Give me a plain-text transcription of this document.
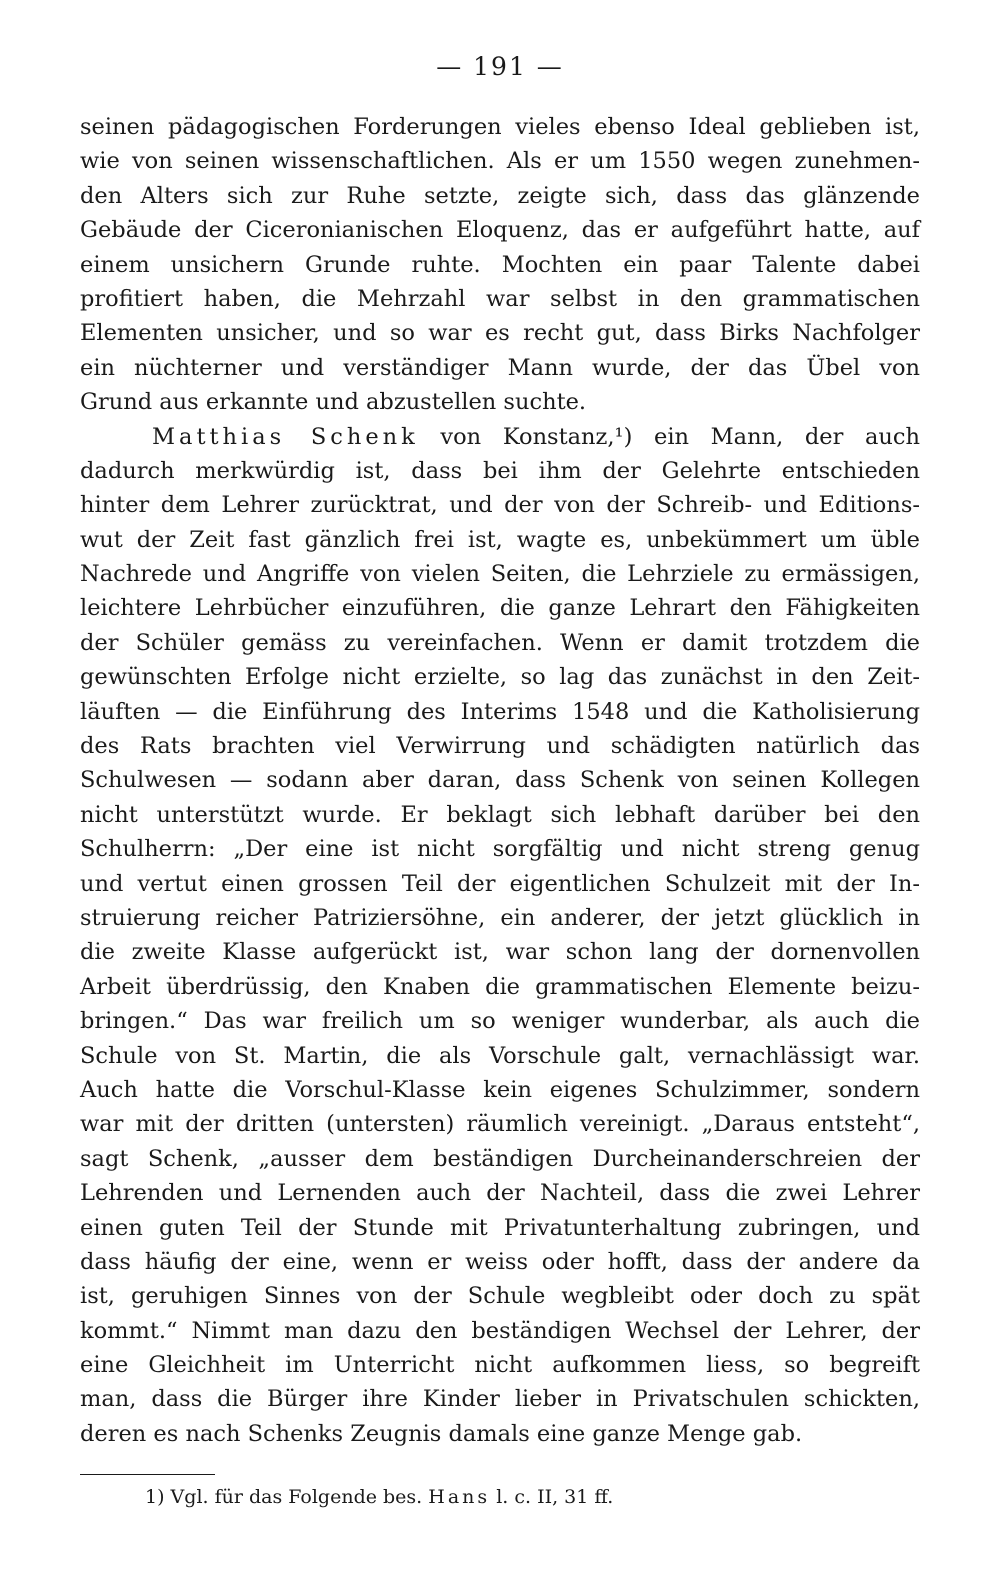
— 191 —
seinen pädagogischen Forderungen vieles ebenso Ideal geblieben ist,
wie von seinen wissenschaftlichen. Als er um 1550 wegen zunehmen-
den Alters sich zur Ruhe setzte, zeigte sich, dass das glänzende
Gebäude der Ciceronianischen Eloquenz, das er aufgeführt hatte, auf
einem unsichern Grunde ruhte. Mochten ein paar Talente dabei
profitiert haben, die Mehrzahl war selbst in den grammatischen
Elementen unsicher, und so war es recht gut, dass Birks Nachfolger
ein nüchterner und verständiger Mann wurde, der das Übel von
Grund aus erkannte und abzustellen suchte.
Matthias Schenk von Konstanz,¹) ein Mann, der auch
dadurch merkwürdig ist, dass bei ihm der Gelehrte entschieden
hinter dem Lehrer zurücktrat, und der von der Schreib- und Editions-
wut der Zeit fast gänzlich frei ist, wagte es, unbekümmert um üble
Nachrede und Angriffe von vielen Seiten, die Lehrziele zu ermässigen,
leichtere Lehrbücher einzuführen, die ganze Lehrart den Fähigkeiten
der Schüler gemäss zu vereinfachen. Wenn er damit trotzdem die
gewünschten Erfolge nicht erzielte, so lag das zunächst in den Zeit-
läuften — die Einführung des Interims 1548 und die Katholisierung
des Rats brachten viel Verwirrung und schädigten natürlich das
Schulwesen — sodann aber daran, dass Schenk von seinen Kollegen
nicht unterstützt wurde. Er beklagt sich lebhaft darüber bei den
Schulherrn: „Der eine ist nicht sorgfältig und nicht streng genug
und vertut einen grossen Teil der eigentlichen Schulzeit mit der In-
struierung reicher Patriziersöhne, ein anderer, der jetzt glücklich in
die zweite Klasse aufgerückt ist, war schon lang der dornenvollen
Arbeit überdrüssig, den Knaben die grammatischen Elemente beizu-
bringen.“ Das war freilich um so weniger wunderbar, als auch die
Schule von St. Martin, die als Vorschule galt, vernachlässigt war.
Auch hatte die Vorschul-Klasse kein eigenes Schulzimmer, sondern
war mit der dritten (untersten) räumlich vereinigt. „Daraus entsteht“,
sagt Schenk, „ausser dem beständigen Durcheinanderschreien der
Lehrenden und Lernenden auch der Nachteil, dass die zwei Lehrer
einen guten Teil der Stunde mit Privatunterhaltung zubringen, und
dass häufig der eine, wenn er weiss oder hofft, dass der andere da
ist, geruhigen Sinnes von der Schule wegbleibt oder doch zu spät
kommt.“ Nimmt man dazu den beständigen Wechsel der Lehrer, der
eine Gleichheit im Unterricht nicht aufkommen liess, so begreift
man, dass die Bürger ihre Kinder lieber in Privatschulen schickten,
deren es nach Schenks Zeugnis damals eine ganze Menge gab.
1) Vgl. für das Folgende bes. Hans l. c. II, 31 ff.
